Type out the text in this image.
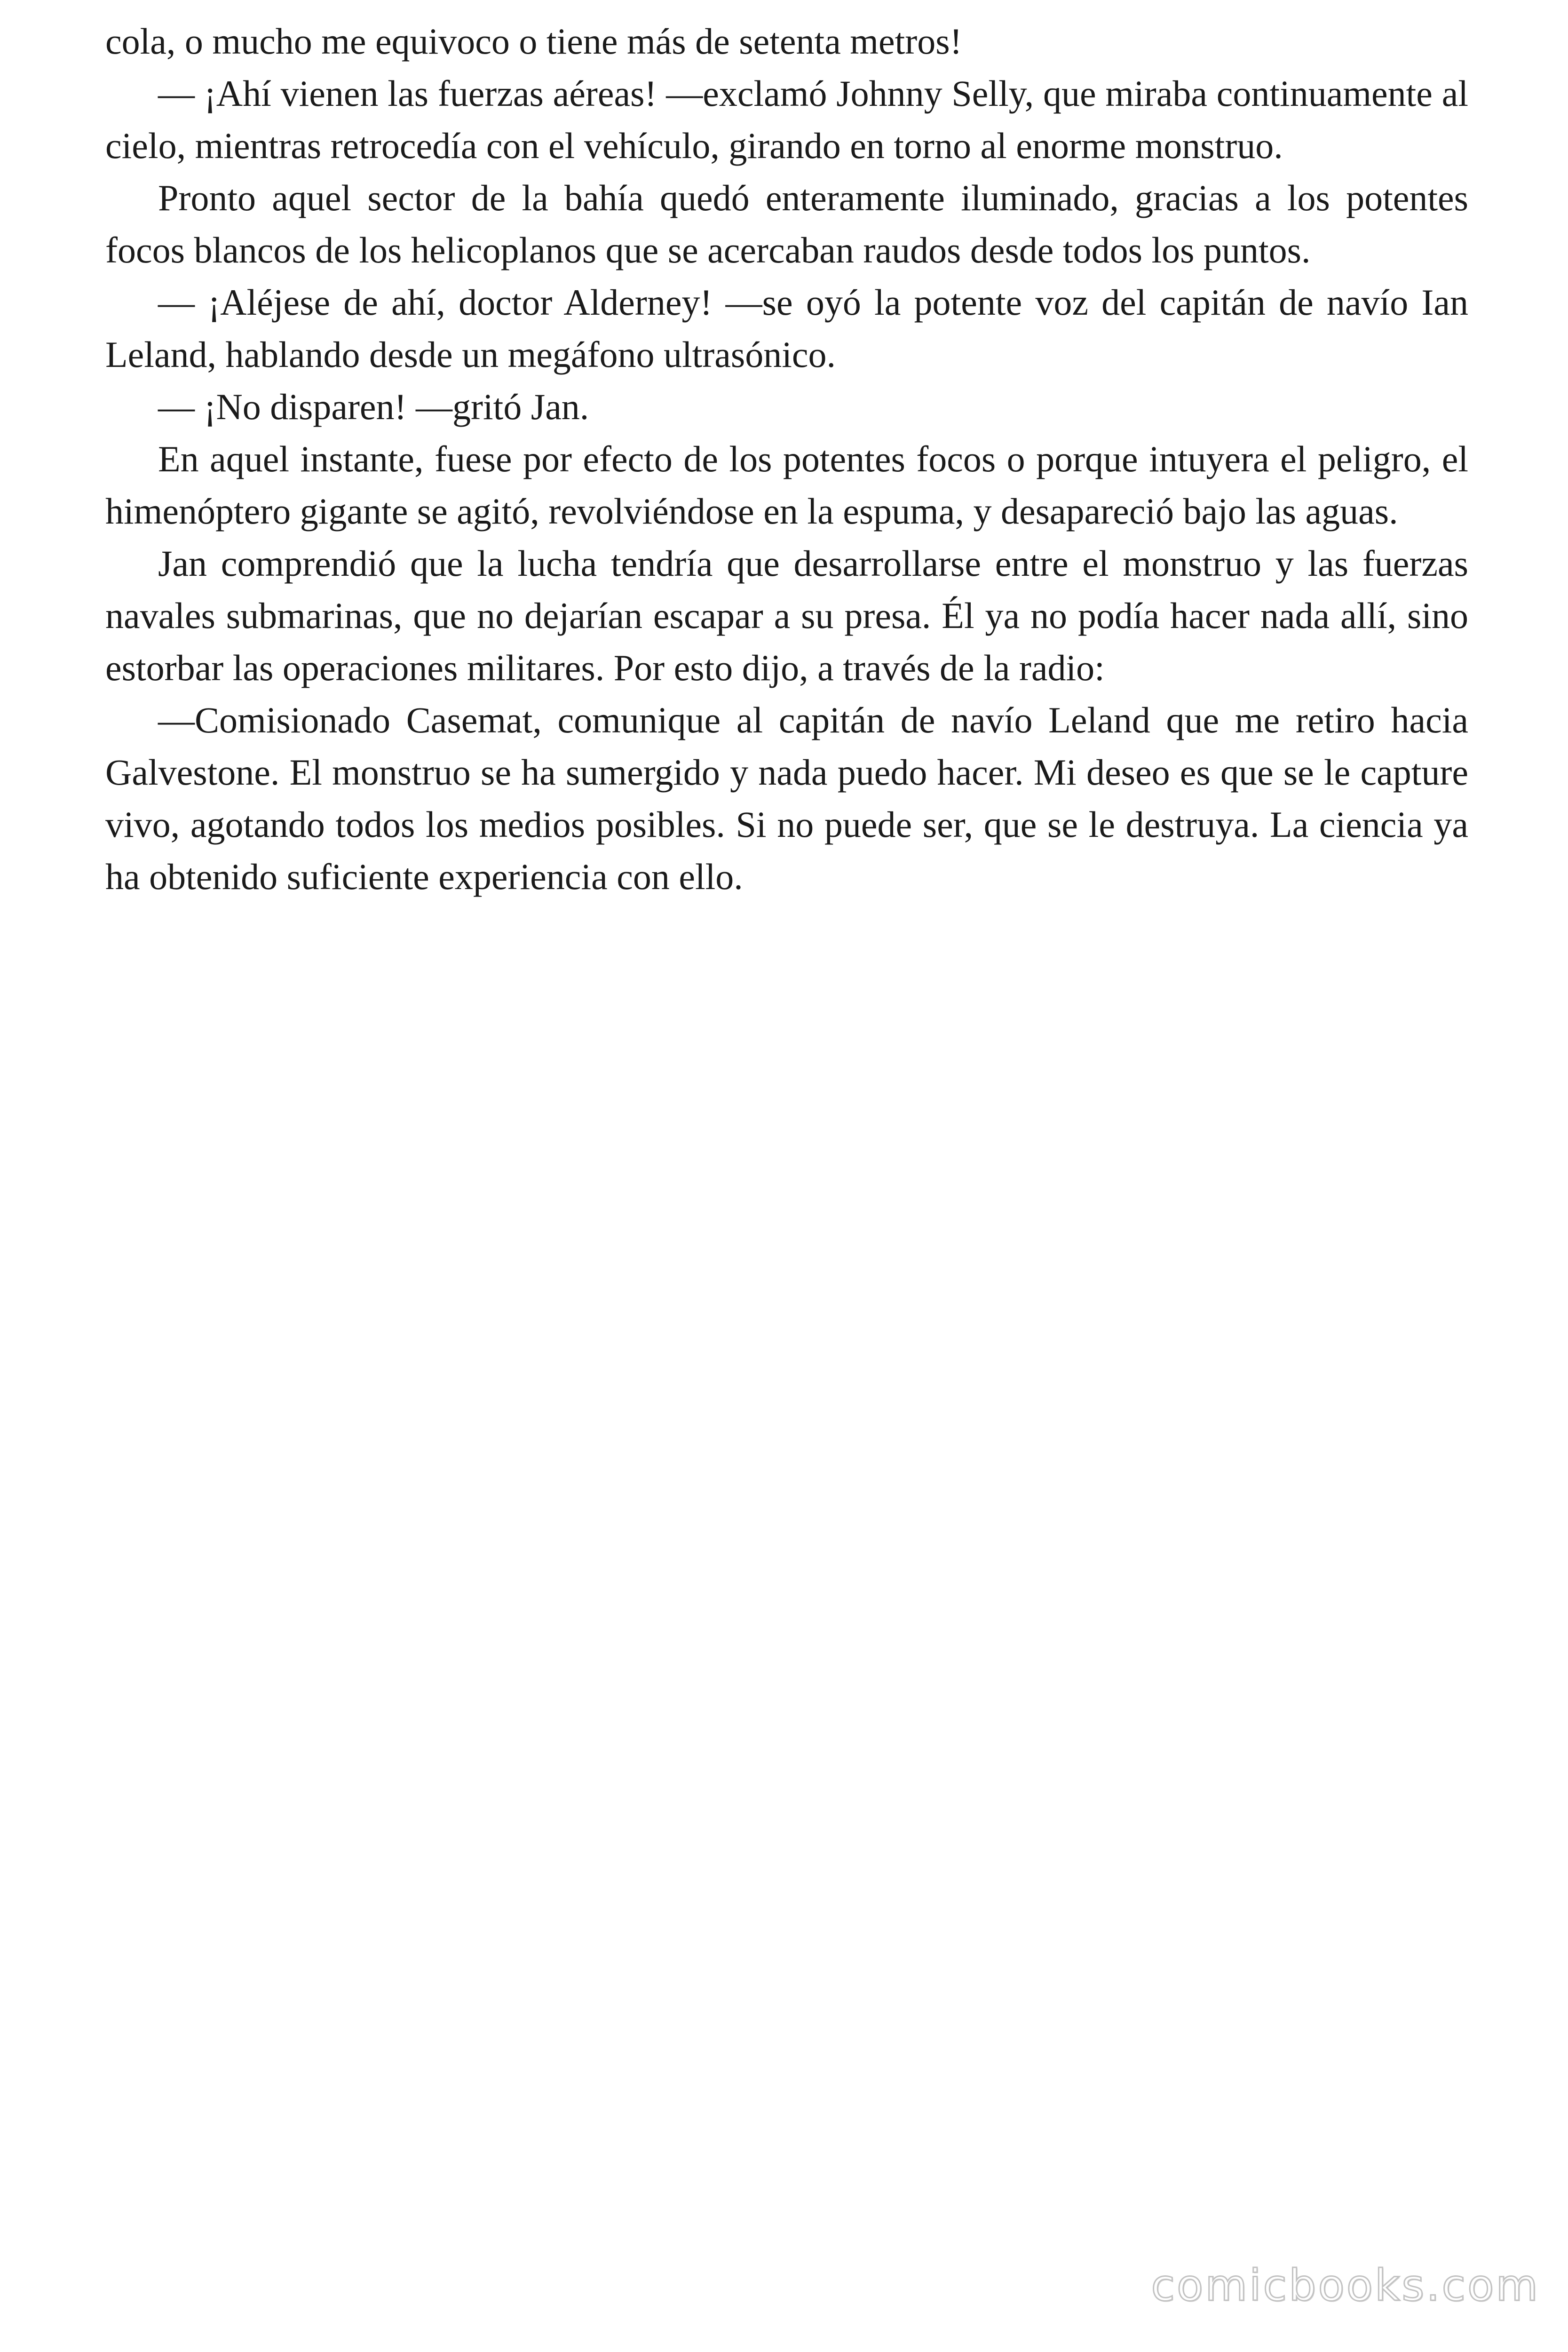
cola, o mucho me equivoco o tiene más de setenta metros!

— ¡Ahí vienen las fuerzas aéreas! —exclamó Johnny Selly, que miraba continuamente al cielo, mientras retrocedía con el vehículo, girando en torno al enorme monstruo.

Pronto aquel sector de la bahía quedó enteramente iluminado, gracias a los potentes focos blancos de los helicoplanos que se acercaban raudos desde todos los puntos.

— ¡Aléjese de ahí, doctor Alderney! —se oyó la potente voz del capitán de navío Ian Leland, hablando desde un megáfono ultrasónico.

— ¡No disparen! —gritó Jan.

En aquel instante, fuese por efecto de los potentes focos o porque intuyera el peligro, el himenóptero gigante se agitó, revolviéndose en la espuma, y desapareció bajo las aguas.

Jan comprendió que la lucha tendría que desarrollarse entre el monstruo y las fuerzas navales submarinas, que no dejarían escapar a su presa. Él ya no podía hacer nada allí, sino estorbar las operaciones militares. Por esto dijo, a través de la radio:

—Comisionado Casemat, comunique al capitán de navío Leland que me retiro hacia Galvestone. El monstruo se ha sumergido y nada puedo hacer. Mi deseo es que se le capture vivo, agotando todos los medios posibles. Si no puede ser, que se le destruya. La ciencia ya ha obtenido suficiente experiencia con ello.

comicbooks.com
